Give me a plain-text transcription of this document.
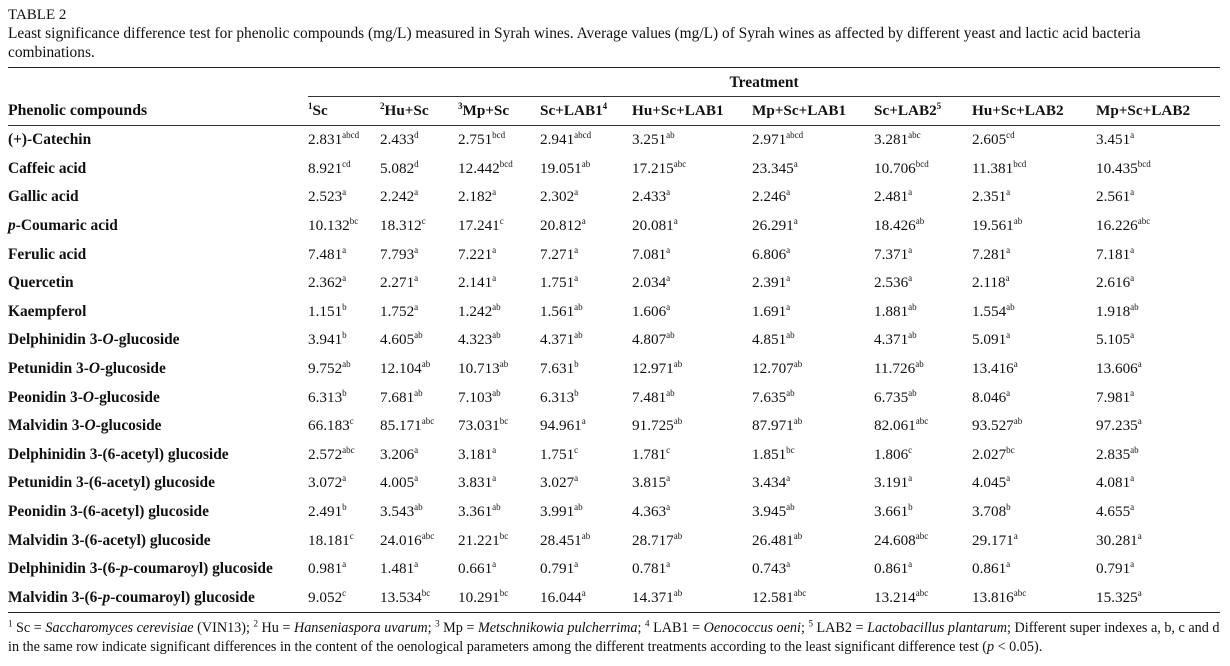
TABLE 2

Least significance difference test for phenolic compounds (mg/L) measured in Syrah wines. Average values (mg/L) of Syrah wines as affected by different yeast and lactic acid bacteria combinations.

	Treatment								
Phenolic compounds	$^1$Sc	$^2$Hu+Sc	$^3$Mp+Sc	$Sc+LAB1^4$	Hu+Sc+LAB1	Mp+Sc+LAB1	$Sc+LAB2^5$	Hu+Sc+LAB2	Mp+Sc+LAB2
(+)-Catechin	$2.831^{abcd}$	2.433$^d$	2.751$^{bcd}$	$2.941^{abcd}$	3.251$^{ab}$	$2.971^{abcd}$	3.281$^{abc}$	2.605$^{cd}$	3.451$^a$
Caffeic acid	8.921$^{cd}$	5.082$^d$	12.442$^{bcd}$	19.051$^{ab}$	17.215$^{abc}$	23.345$^a$	10.706$^{bcd}$	11.381$^{bcd}$	10.435$^{bcd}$
Gallic acid	2.523$^a$	2.242$^a$	2.182$^a$	2.302$^a$	2.433$^a$	2.246$^a$	2.481$^a$	2.351$^a$	2.561$^a$
p-Coumaric acid	10.132$^{bc}$	18.312$^c$	17.241$^c$	20.812$^a$	20.081$^a$	26.291$^a$	18.426$^{ab}$	19.561$^{ab}$	16.226$^{abc}$
Ferulic acid	7.481$^a$	7.793$^a$	7.221$^a$	7.271$^a$	7.081$^a$	6.806$^a$	7.371$^a$	7.281$^a$	7.181$^a$
Quercetin	2.362$^a$	2.271$^a$	2.141$^a$	1.751$^a$	2.034$^a$	2.391$^a$	2.536$^a$	2.118$^a$	2.616$^a$
Kaempferol	1.151$^b$	1.752$^a$	1.242$^{ab}$	1.561$^{ab}$	1.606$^a$	1.691$^a$	1.881$^{ab}$	1.554$^{ab}$	1.918$^{ab}$
Delphinidin 3-O-glucoside	3.941$^b$	4.605$^{ab}$	4.323$^{ab}$	4.371$^{ab}$	4.807$^{ab}$	4.851$^{ab}$	4.371$^{ab}$	5.091$^a$	5.105$^a$
Petunidin 3-O-glucoside	9.752$^{ab}$	12.104$^{ab}$	10.713$^{ab}$	7.631$^b$	12.971$^{ab}$	12.707$^{ab}$	11.726$^{ab}$	13.416$^a$	13.606$^a$
Peonidin 3-O-glucoside	6.313$^b$	7.681$^{ab}$	7.103$^{ab}$	6.313$^b$	7.481$^{ab}$	7.635$^{ab}$	6.735$^{ab}$	8.046$^a$	7.981$^a$
Malvidin 3-O-glucoside	66.183$^c$	85.171$^{abc}$	73.031$^{bc}$	94.961$^a$	91.725$^{ab}$	87.971$^{ab}$	82.061$^{abc}$	93.527$^{ab}$	97.235$^a$
Delphinidin 3-(6-acetyl) glucoside	2.572$^{abc}$	3.206$^a$	3.181$^a$	1.751$^c$	1.781$^c$	1.851$^{bc}$	1.806$^c$	2.027$^{bc}$	2.835$^{ab}$
Petunidin 3-(6-acetyl) glucoside	3.072$^a$	4.005$^a$	3.831$^a$	3.027$^a$	3.815$^a$	3.434$^a$	3.191$^a$	4.045$^a$	4.081$^a$
Peonidin 3-(6-acetyl) glucoside	2.491$^b$	3.543$^{ab}$	3.361$^{ab}$	3.991$^{ab}$	4.363$^a$	3.945$^{ab}$	3.661$^b$	3.708$^b$	4.655$^a$
Malvidin 3-(6-acetyl) glucoside	18.181$^c$	24.016$^{abc}$	21.221$^{bc}$	28.451$^{ab}$	28.717$^{ab}$	26.481$^{ab}$	24.608$^{abc}$	29.171$^a$	30.281$^a$
Delphinidin 3-(6-p-coumaroyl) glucoside	0.981$^a$	1.481$^a$	0.661$^a$	0.791$^a$	0.781$^a$	0.743$^a$	0.861$^a$	0.861$^a$	0.791$^a$
Malvidin 3-(6-p-coumaroyl) glucoside	9.052$^c$	13.534$^{bc}$	10.291$^{bc}$	16.044$^a$	14.371$^{ab}$	12.581$^{abc}$	13.214$^{abc}$	13.816$^{abc}$	15.325$^a$

$^1$ Sc = Saccharomyces cerevisiae (VIN13); $^2$ Hu = Hanseniaspora uvarum; $^3$ Mp = Metschnikowia pulcherrima; $^4$ LAB1 = Oenococcus oeni; $^5$ LAB2 = Lactobacillus plantarum; Different super indexes a, b, c and d in the same row indicate significant differences in the content of the oenological parameters among the different treatments according to the least significant difference test (p < 0.05).
